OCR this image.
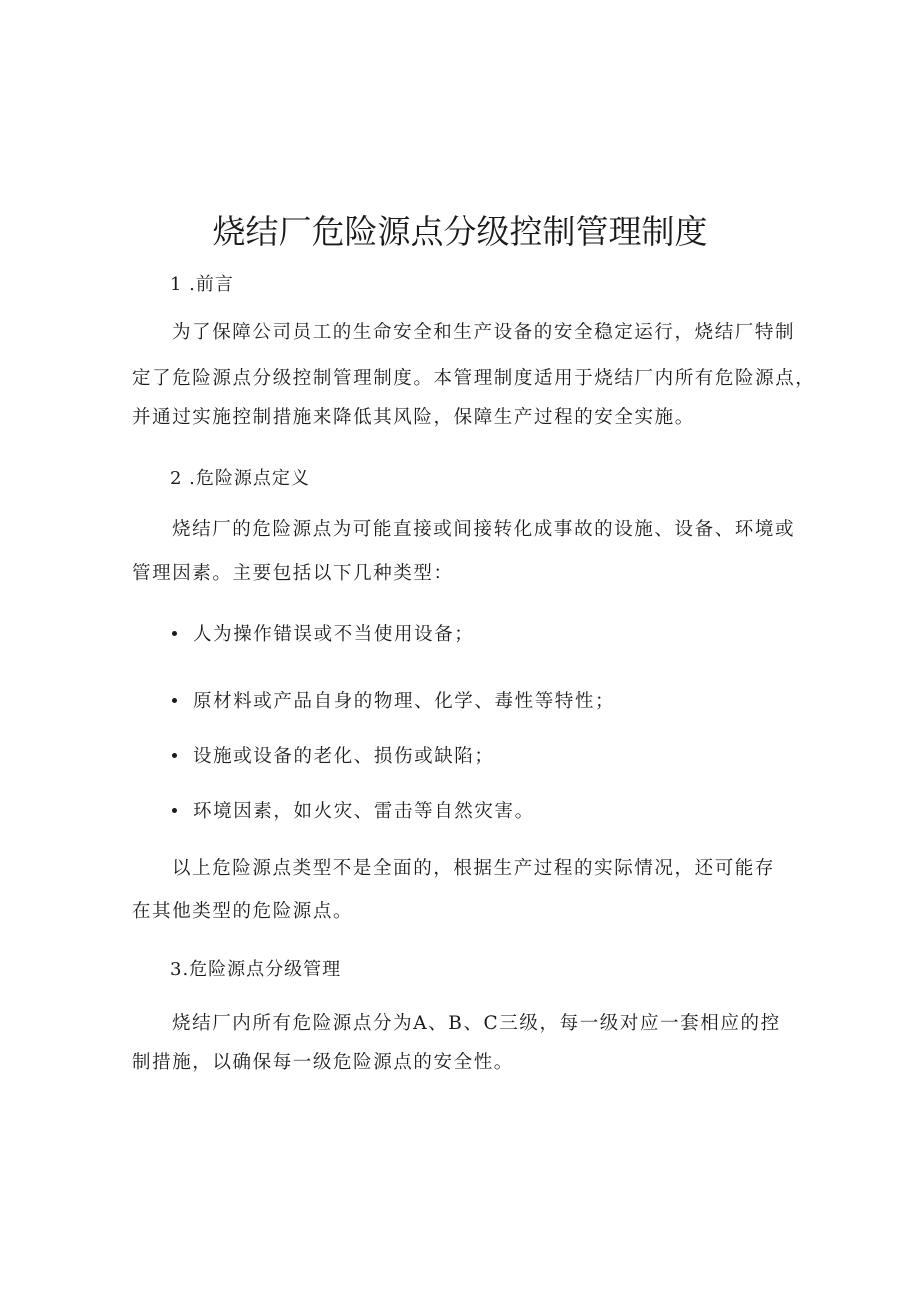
烧结厂危险源点分级控制管理制度
1 .前言
为了保障公司员工的生命安全和生产设备的安全稳定运行，烧结厂特制
定了危险源点分级控制管理制度。本管理制度适用于烧结厂内所有危险源点，
并通过实施控制措施来降低其风险，保障生产过程的安全实施。
2 .危险源点定义
烧结厂的危险源点为可能直接或间接转化成事故的设施、设备、环境或
管理因素。主要包括以下几种类型：
人为操作错误或不当使用设备；
原材料或产品自身的物理、化学、毒性等特性；
设施或设备的老化、损伤或缺陷；
环境因素，如火灾、雷击等自然灾害。
以上危险源点类型不是全面的，根据生产过程的实际情况，还可能存
在其他类型的危险源点。
3.危险源点分级管理
烧结厂内所有危险源点分为A、B、C三级，每一级对应一套相应的控
制措施，以确保每一级危险源点的安全性。
